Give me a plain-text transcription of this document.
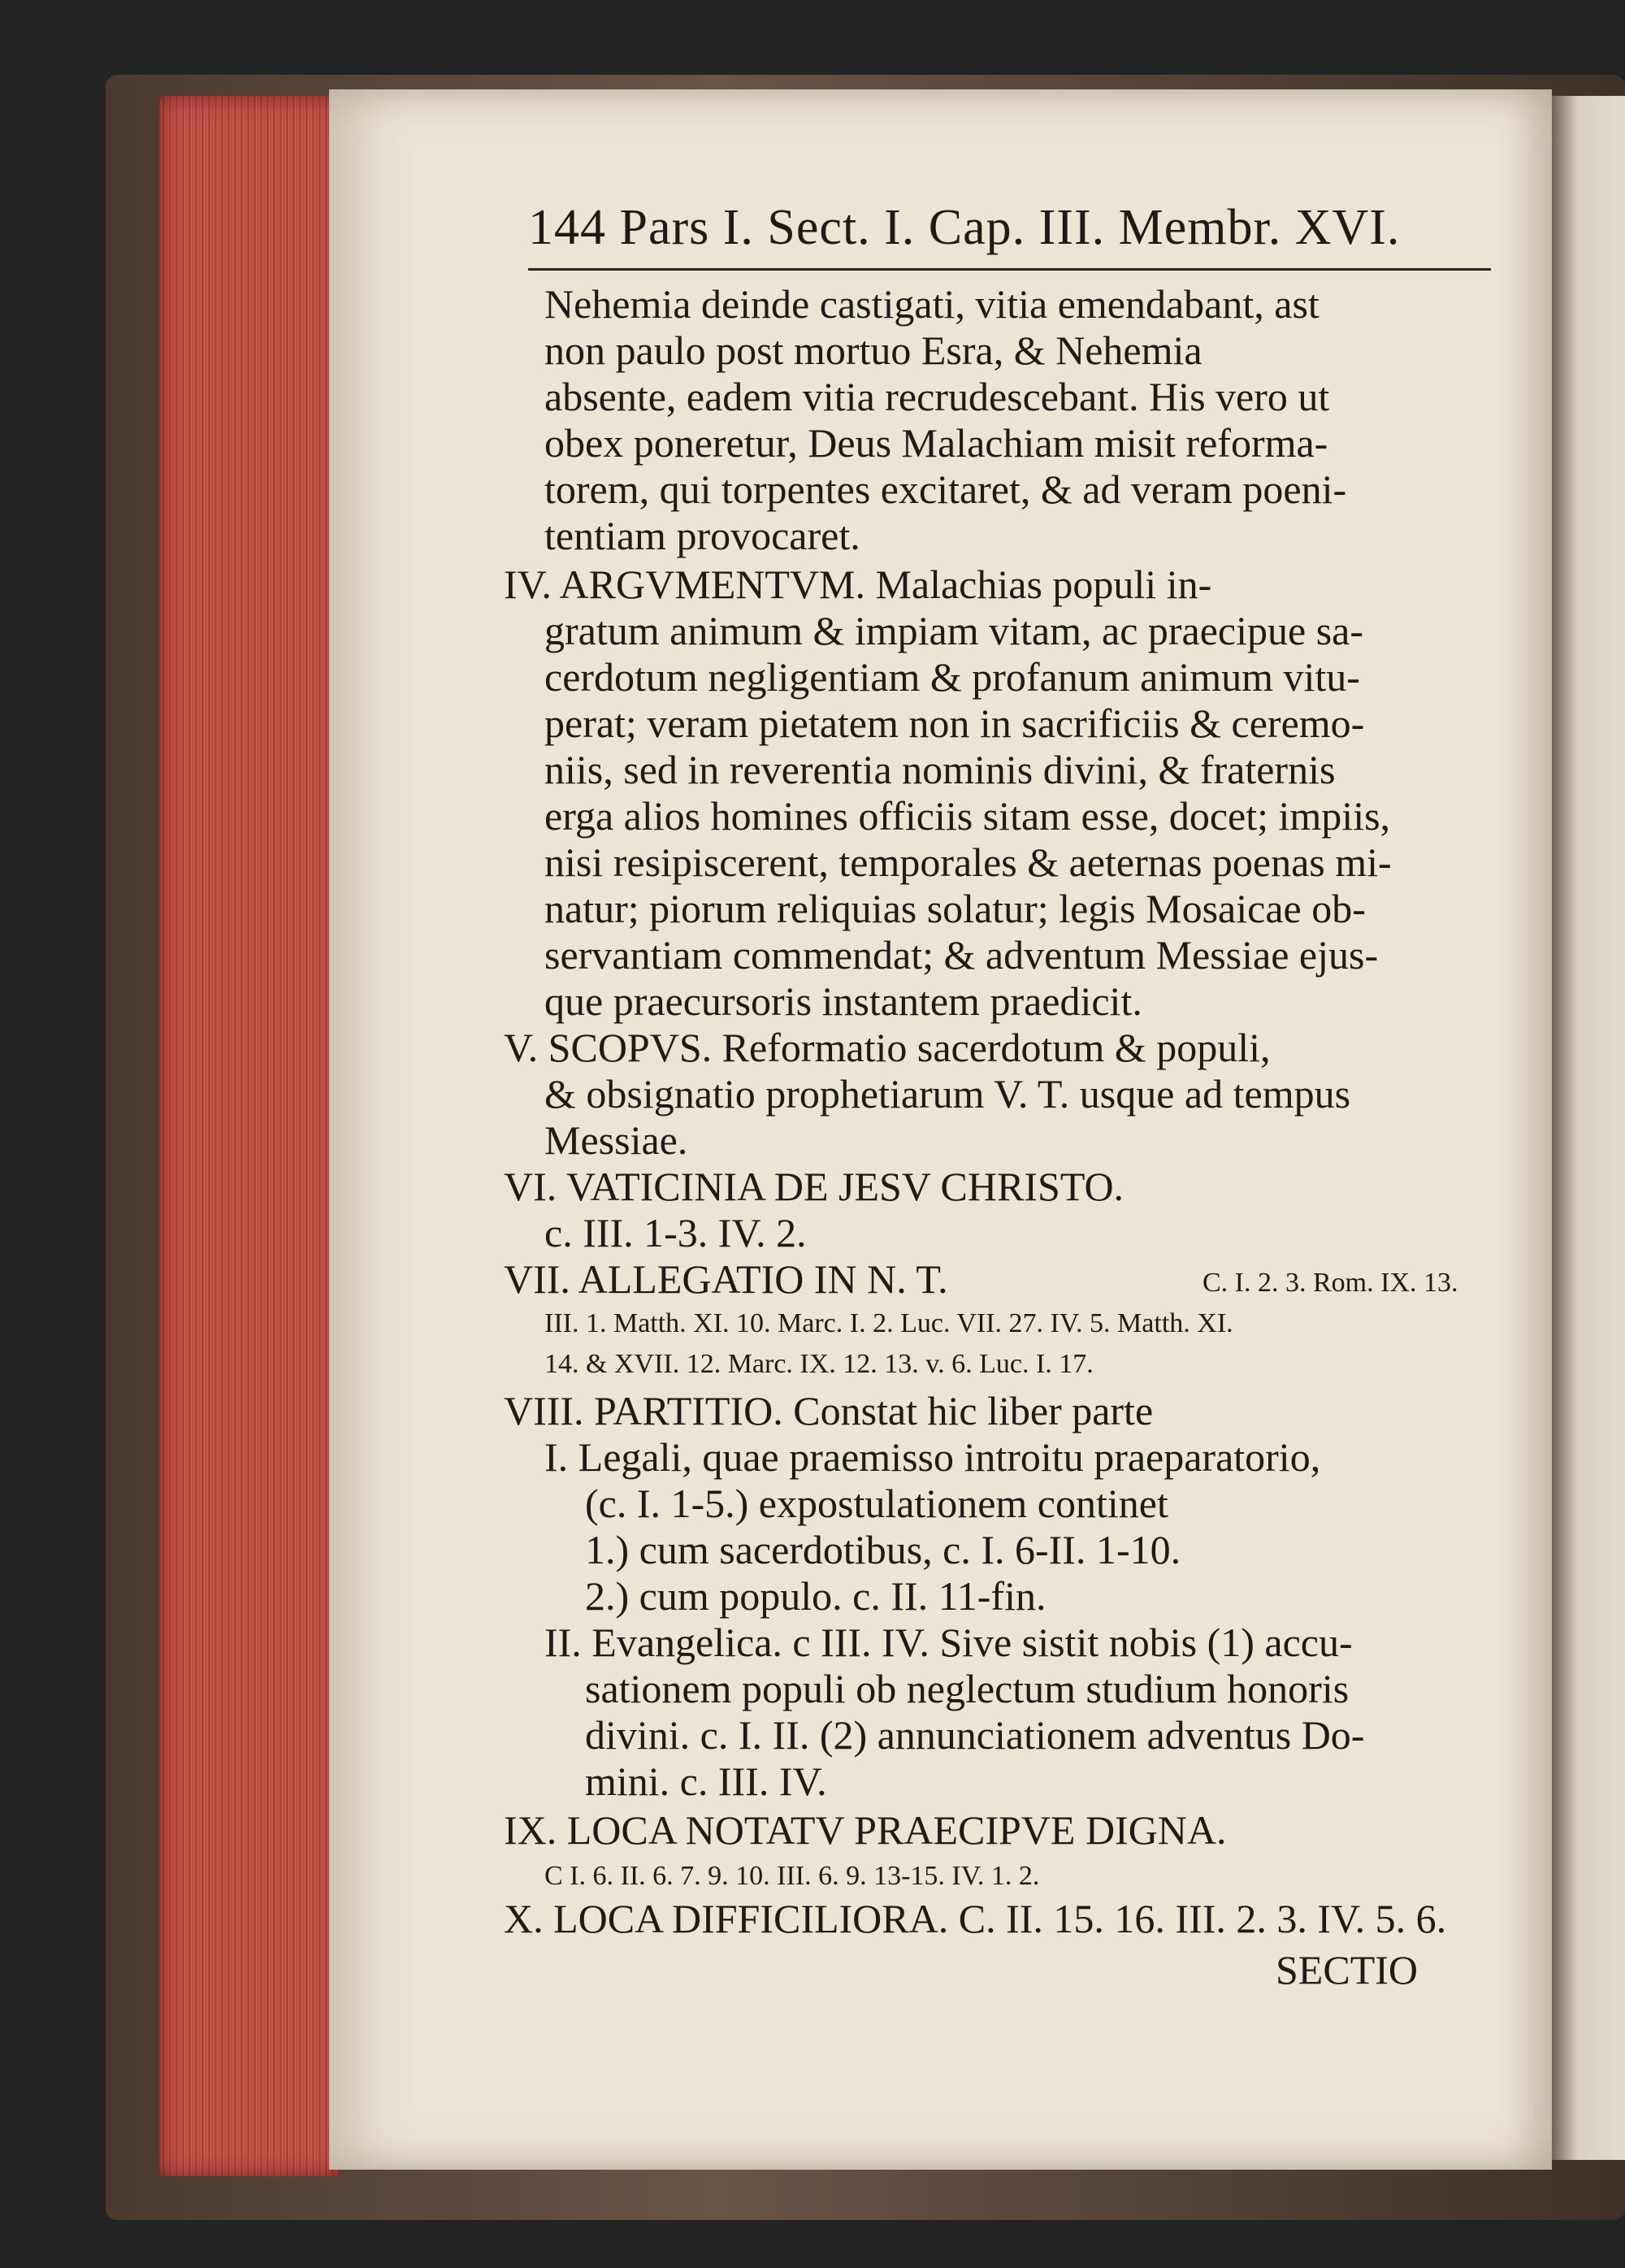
144 Pars I. Sect. I. Cap. III. Membr. XVI.
Nehemia deinde castigati, vitia emendabant, ast
non paulo post mortuo Esra, & Nehemia
absente, eadem vitia recrudescebant. His vero ut
obex poneretur, Deus Malachiam misit reforma-
torem, qui torpentes excitaret, & ad veram poeni-
tentiam provocaret.
IV. ARGVMENTVM. Malachias populi in-
gratum animum & impiam vitam, ac praecipue sa-
cerdotum negligentiam & profanum animum vitu-
perat; veram pietatem non in sacrificiis & ceremo-
niis, sed in reverentia nominis divini, & fraternis
erga alios homines officiis sitam esse, docet; impiis,
nisi resipiscerent, temporales & aeternas poenas mi-
natur; piorum reliquias solatur; legis Mosaicae ob-
servantiam commendat; & adventum Messiae ejus-
que praecursoris instantem praedicit.
V. SCOPVS. Reformatio sacerdotum & populi,
& obsignatio prophetiarum V. T. usque ad tempus
Messiae.
VI. VATICINIA DE JESV CHRISTO.
c. III. 1-3. IV. 2.
VII. ALLEGATIO IN N. T.	C. I. 2. 3. Rom. IX. 13.
III. 1. Matth. XI. 10. Marc. I. 2. Luc. VII. 27. IV. 5. Matth. XI.
14. & XVII. 12. Marc. IX. 12. 13. v. 6. Luc. I. 17.
VIII. PARTITIO. Constat hic liber parte
I. Legali, quae praemisso introitu praeparatorio,
(c. I. 1-5.) expostulationem continet
1.) cum sacerdotibus, c. I. 6-II. 1-10.
2.) cum populo. c. II. 11-fin.
II. Evangelica. c III. IV. Sive sistit nobis (1) accu-
sationem populi ob neglectum studium honoris
divini. c. I. II. (2) annunciationem adventus Do-
mini. c. III. IV.
IX. LOCA NOTATV PRAECIPVE DIGNA.
C I. 6. II. 6. 7. 9. 10. III. 6. 9. 13-15. IV. 1. 2.
X. LOCA DIFFICILIORA. C. II. 15. 16. III. 2. 3. IV. 5. 6.
SECTIO
